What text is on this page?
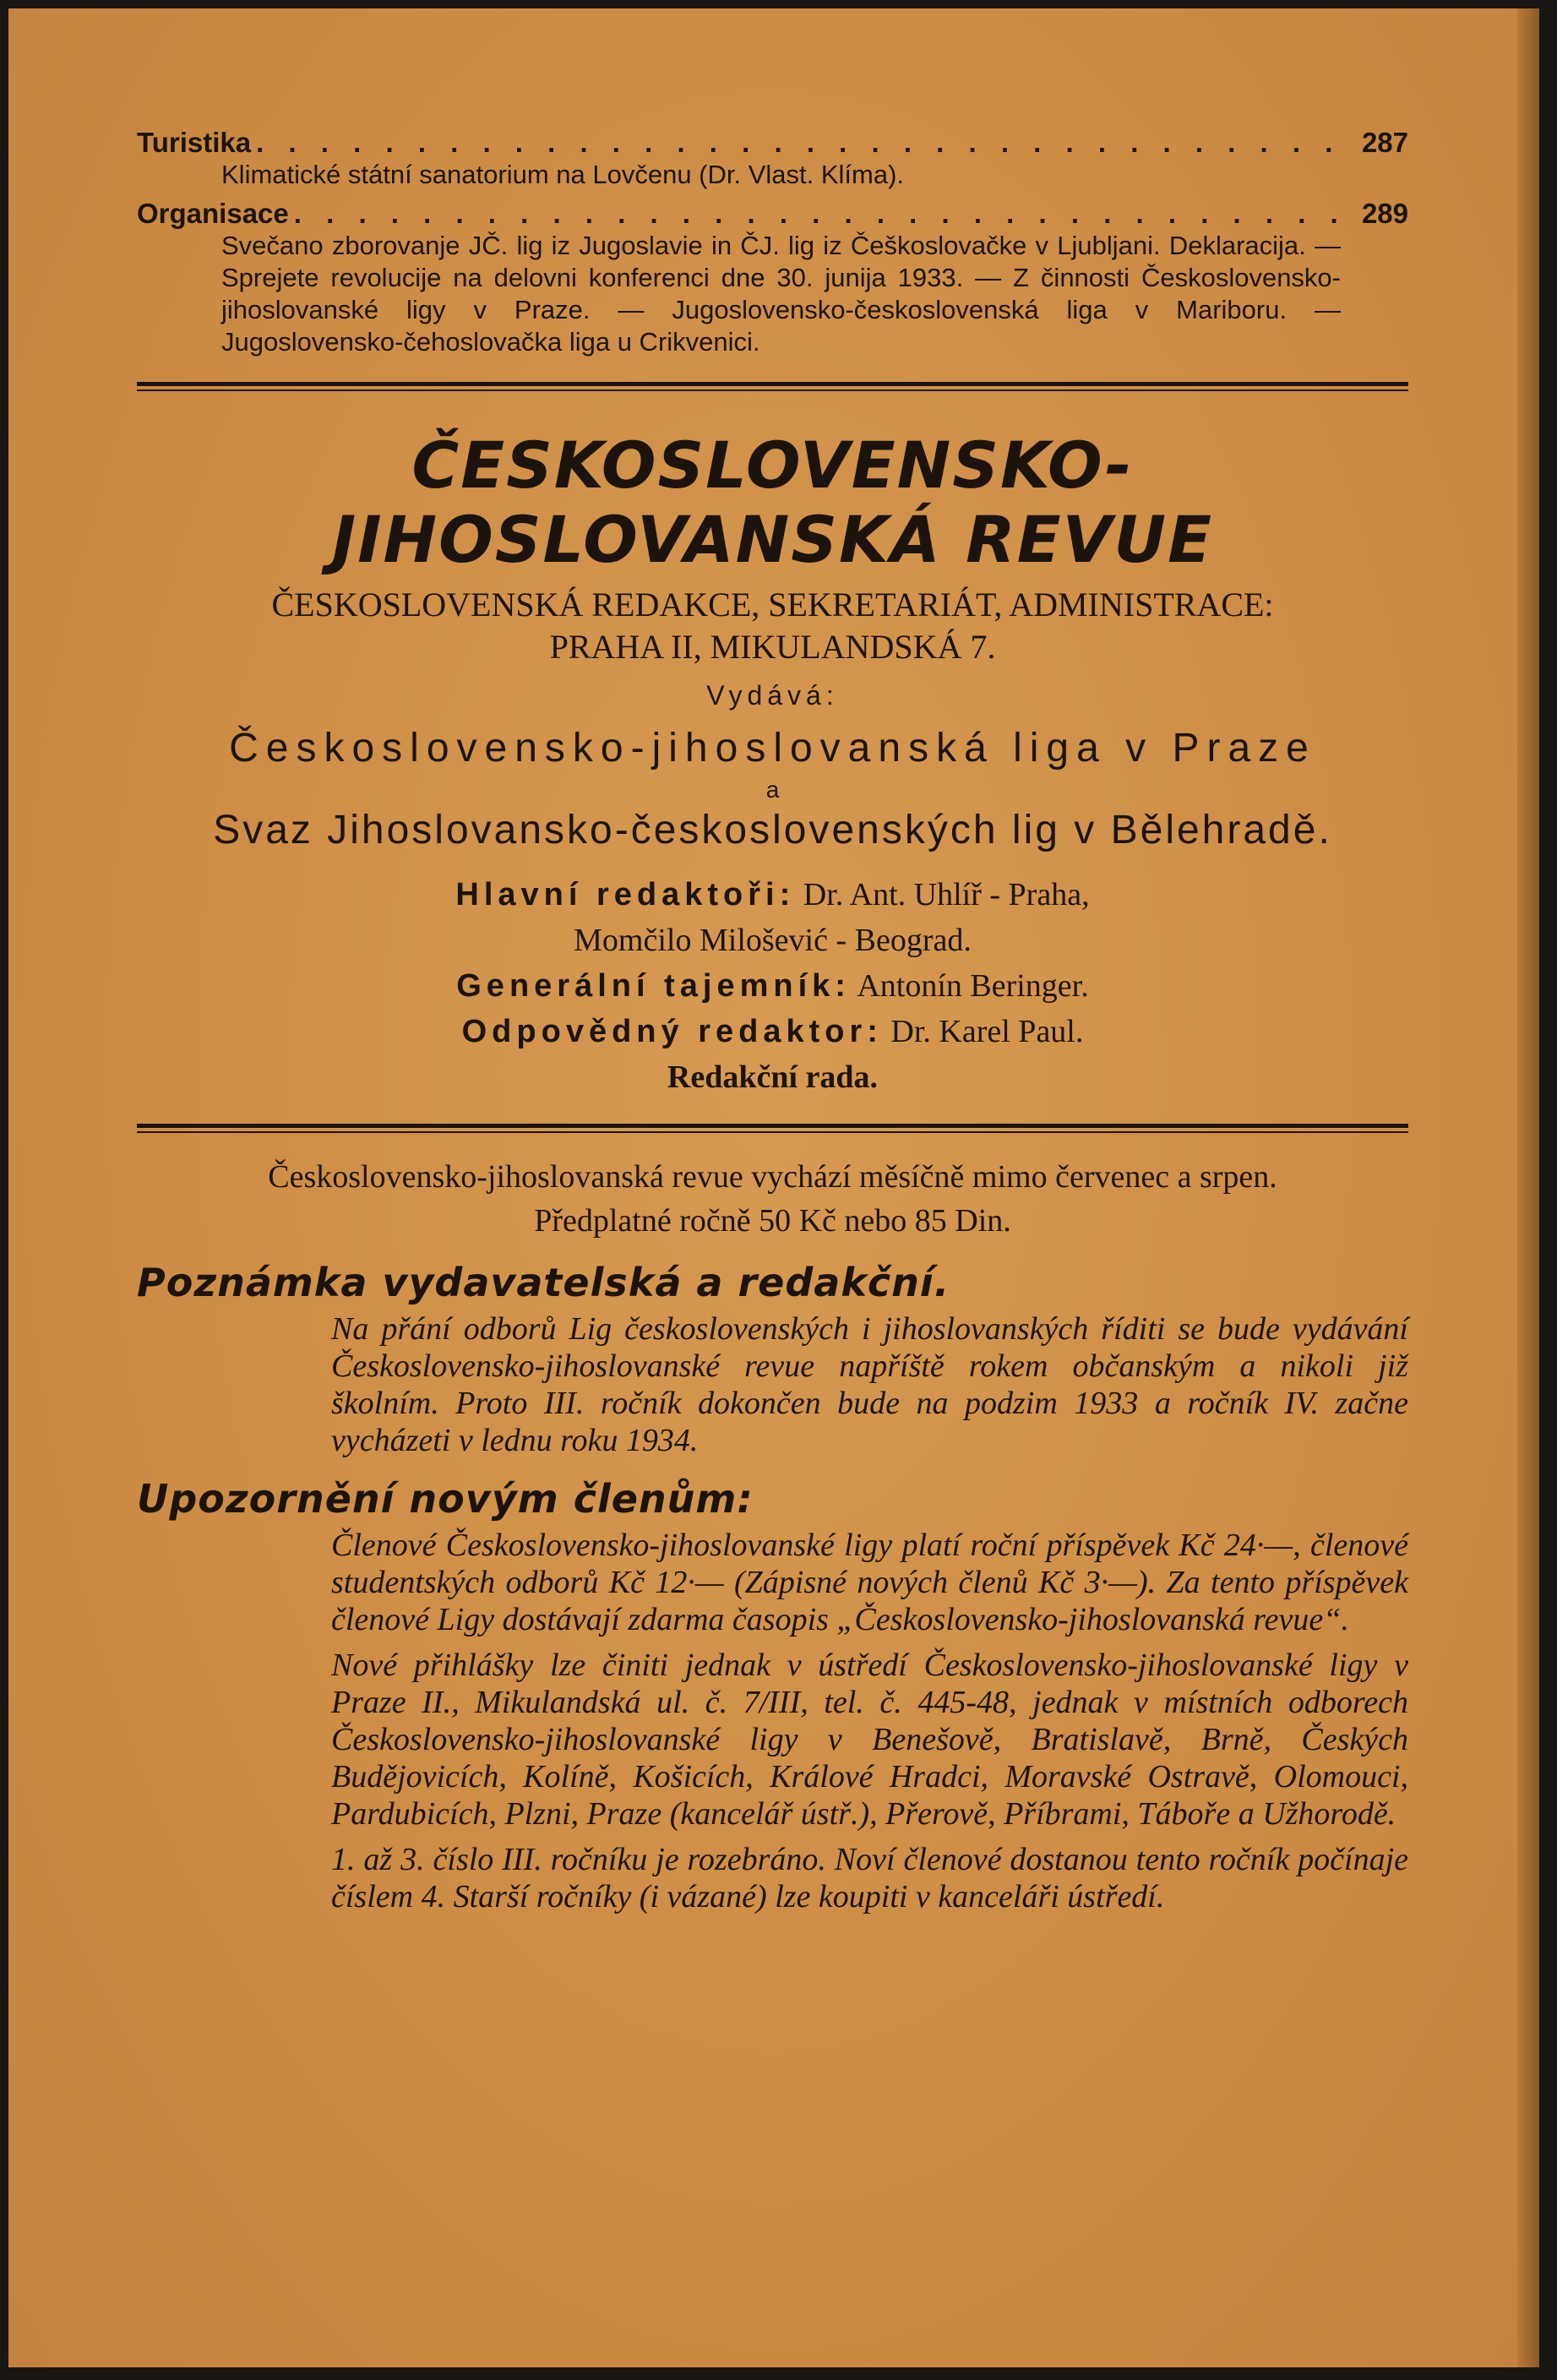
Turistika . . .	287
Klimatické státní sanatorium na Lovčenu (Dr. Vlast. Klíma).
Organisace . . .	289
Svečano zborovanje JČ. lig iz Jugoslavie in ČJ. lig iz Češkoslovačke v Ljubljani. Deklaracija. — Sprejete revolucije na delovni konferenci dne 30. junija 1933. — Z činnosti Československo-jihoslovanské ligy v Praze. — Jugoslovensko-československá liga v Mariboru. — Jugoslovensko-čehoslovačka liga u Crikvenici.
ČESKOSLOVENSKO-
JIHOSLOVANSKÁ REVUE
ČESKOSLOVENSKÁ REDAKCE, SEKRETARIÁT, ADMINISTRACE:
PRAHA II, MIKULANDSKÁ 7.
Vydává:
Československo-jihoslovanská liga v Praze
a
Svaz Jihoslovansko-československých lig v Bělehradě.
Hlavní redaktoři: Dr. Ant. Uhlíř - Praha,
Momčilo Milošević - Beograd.
Generální tajemník: Antonín Beringer.
Odpovědný redaktor: Dr. Karel Paul.
Redakční rada.
Československo-jihoslovanská revue vychází měsíčně mimo červenec a srpen.
Předplatné ročně 50 Kč nebo 85 Din.
Poznámka vydavatelská a redakční.
Na přání odborů Lig československých i jihoslovanských říditi se bude vydávání Československo-jihoslovanské revue napříště rokem občanským a nikoli již školním. Proto III. ročník dokončen bude na podzim 1933 a ročník IV. začne vycházeti v lednu roku 1934.
Upozornění novým členům:
Členové Československo-jihoslovanské ligy platí roční příspěvek Kč 24·—, členové studentských odborů Kč 12·— (Zápisné nových členů Kč 3·—). Za tento příspěvek členové Ligy dostávají zdarma časopis „Československo-jihoslovanská revue“.
Nové přihlášky lze činiti jednak v ústředí Československo-jihoslovanské ligy v Praze II., Mikulandská ul. č. 7/III, tel. č. 445-48, jednak v místních odborech Československo-jihoslovanské ligy v Benešově, Bratislavě, Brně, Českých Budějovicích, Kolíně, Košicích, Králové Hradci, Moravské Ostravě, Olomouci, Pardubicích, Plzni, Praze (kancelář ústř.), Přerově, Příbrami, Táboře a Užhorodě.
1. až 3. číslo III. ročníku je rozebráno. Noví členové dostanou tento ročník počínaje číslem 4. Starší ročníky (i vázané) lze koupiti v kanceláři ústředí.
